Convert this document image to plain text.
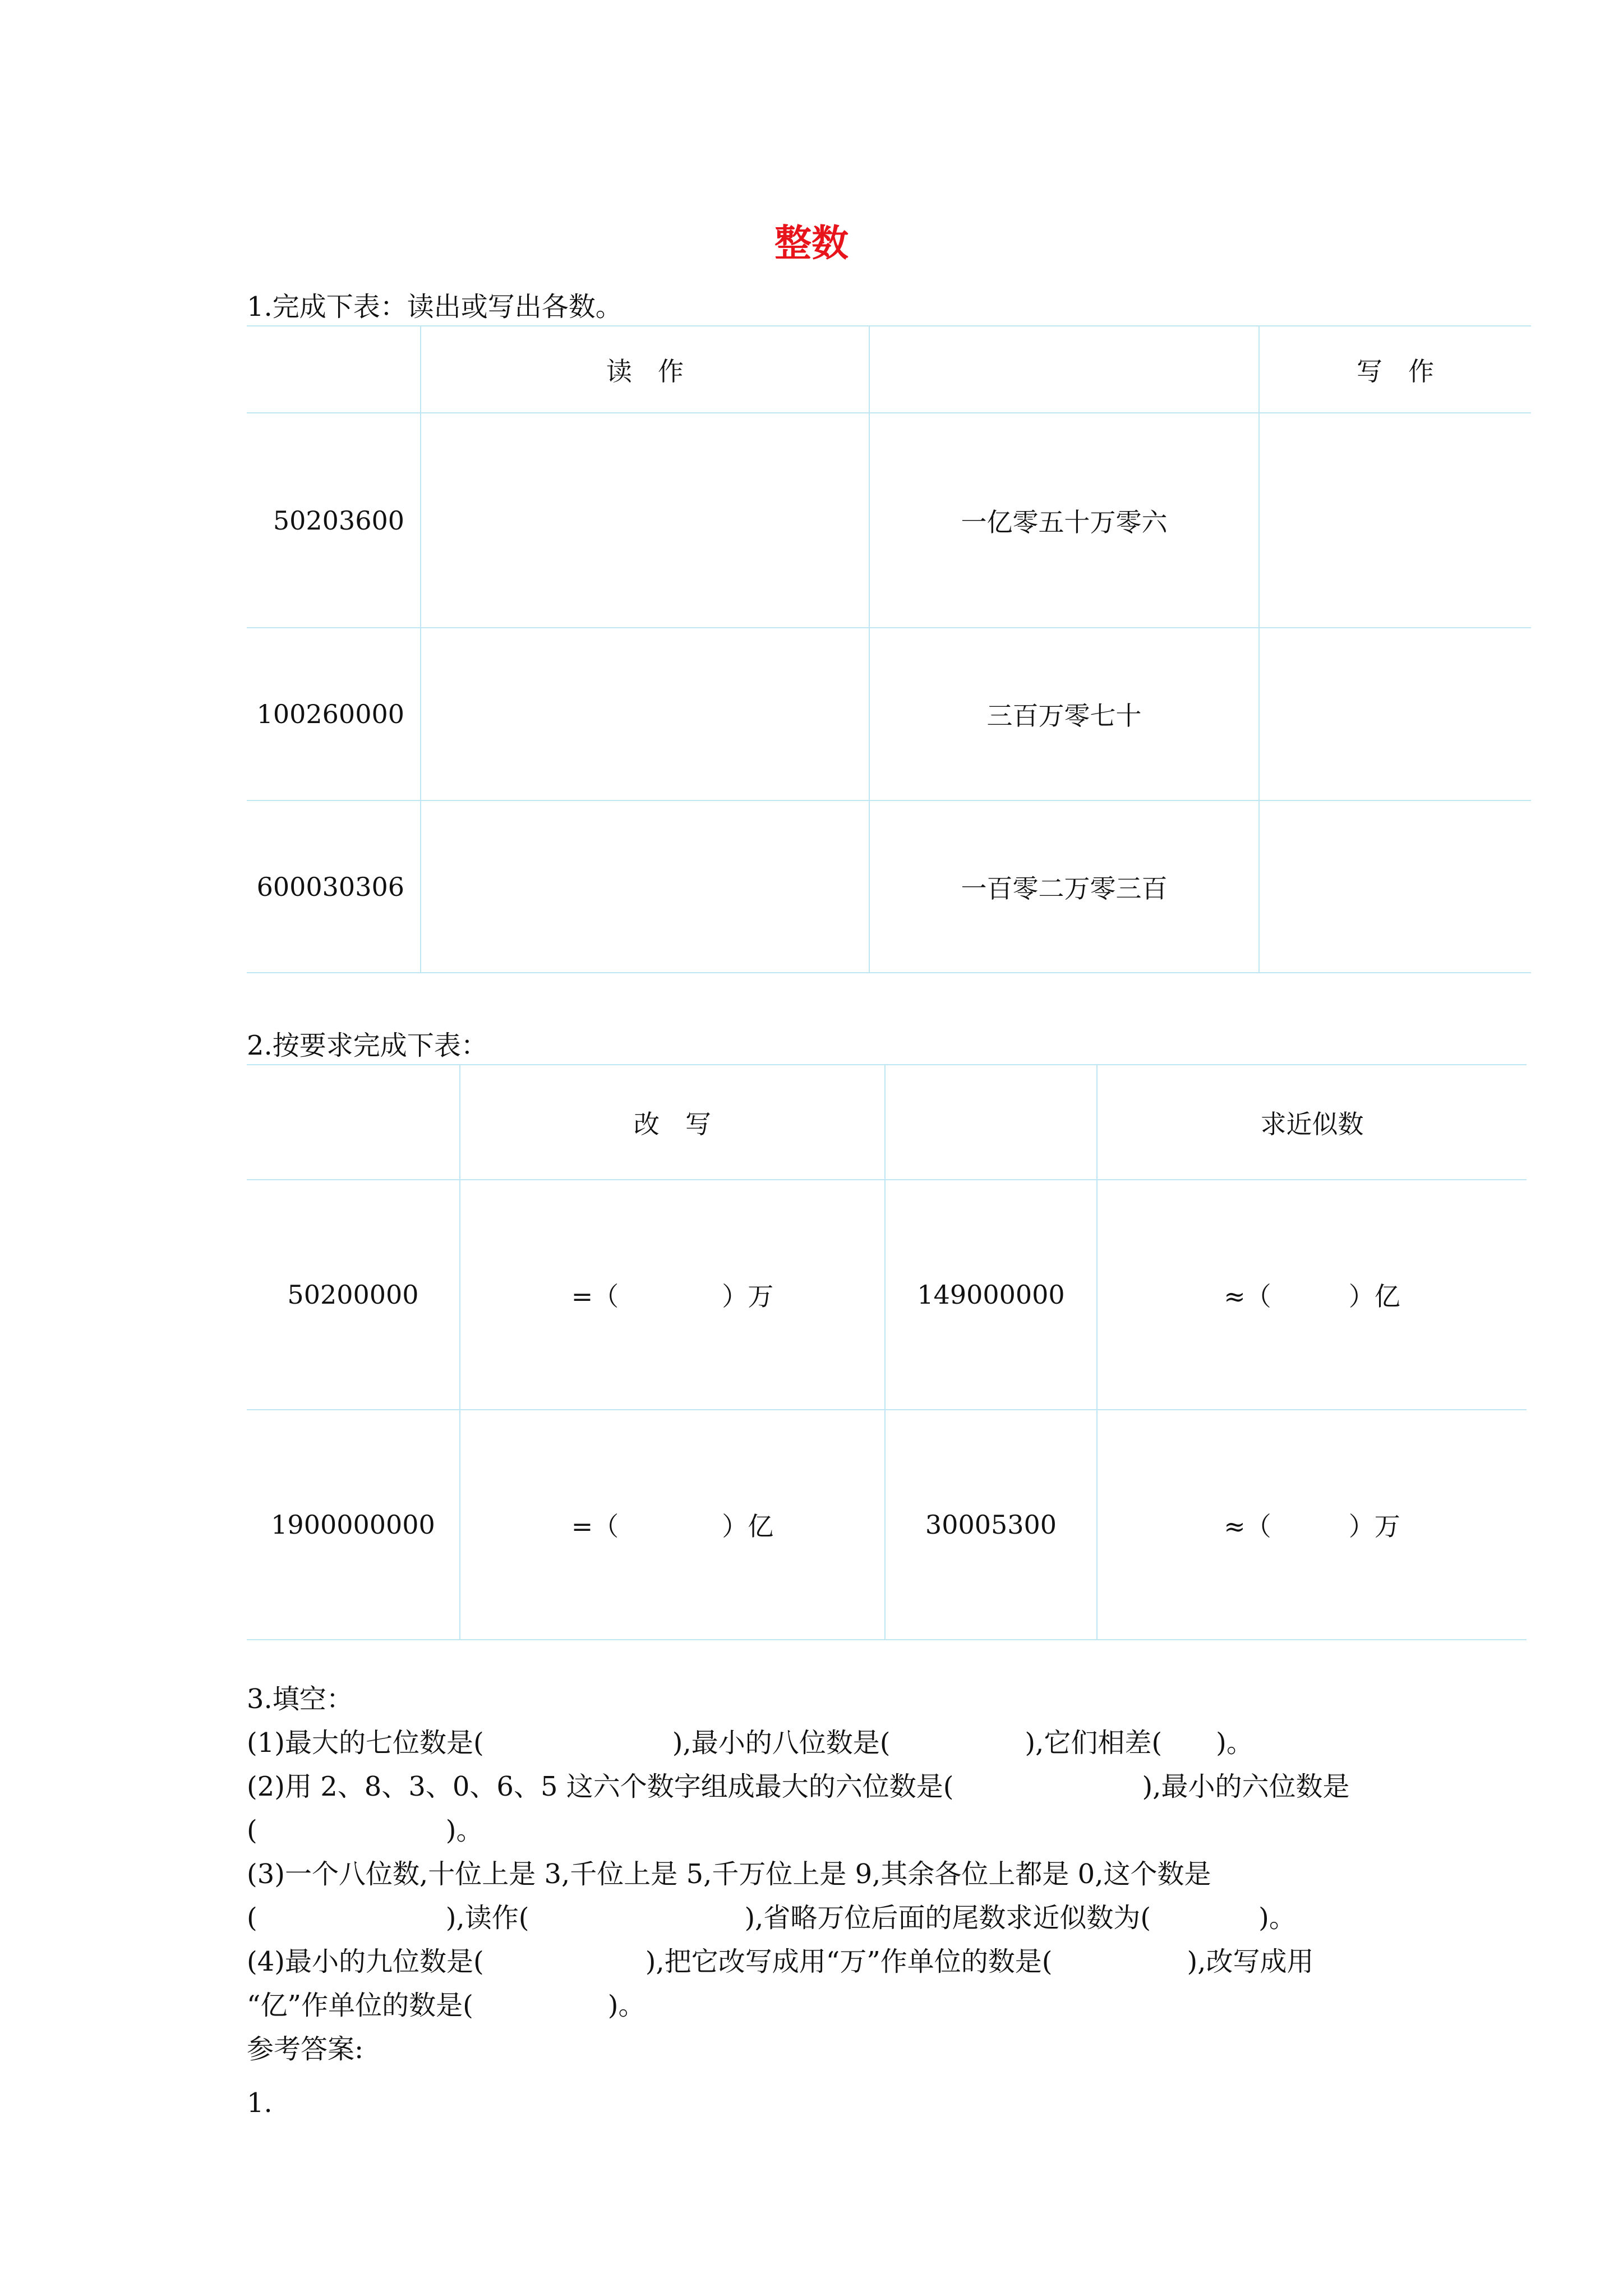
整数
1.完成下表：读出或写出各数。
	读　作		写　作
50203600		一亿零五十万零六	
100260000		三百万零七十	
600030306		一百零二万零三百	
2.按要求完成下表：
	改　写		求近似数
50200000	=（　　　　）万	149000000	≈（　　　）亿
1900000000	=（　　　　）亿	30005300	≈（　　　）万
3.填空：
(1)最大的七位数是(　　　　　　　),最小的八位数是(　　　　　),它们相差(　　)。
(2)用 2、8、3、0、6、5 这六个数字组成最大的六位数是(　　　　　　　),最小的六位数是
(　　　　　　　)。
(3)一个八位数,十位上是 3,千位上是 5,千万位上是 9,其余各位上都是 0,这个数是
(　　　　　　　),读作(　　　　　　　　),省略万位后面的尾数求近似数为(　　　　)。
(4)最小的九位数是(　　　　　　),把它改写成用“万”作单位的数是(　　　　　),改写成用
“亿”作单位的数是(　　　　　)。
参考答案:
1.
